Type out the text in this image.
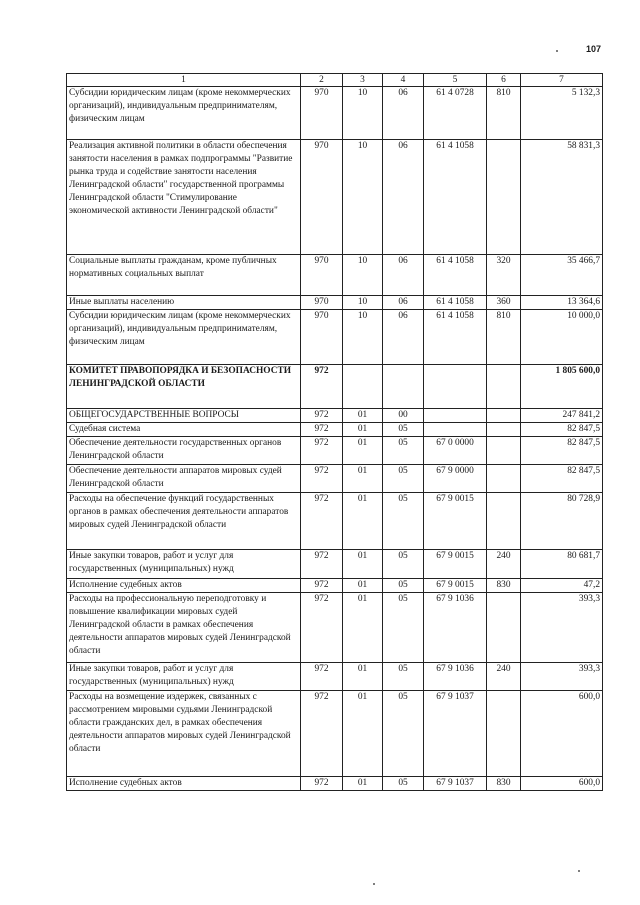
107
1	2	3	4	5	6	7
Субсидии юридическим лицам (кроме некоммерческих организаций), индивидуальным предпринимателям, физическим лицам	970	10	06	61 4 0728	810	5 132,3
Реализация активной политики в области обеспечения занятости населения в рамках подпрограммы "Развитие рынка труда и содействие занятости населения Ленинградской области" государственной программы Ленинградской области "Стимулирование экономической активности Ленинградской области"	970	10	06	61 4 1058		58 831,3
Социальные выплаты гражданам, кроме публичных нормативных социальных выплат	970	10	06	61 4 1058	320	35 466,7
Иные выплаты населению	970	10	06	61 4 1058	360	13 364,6
Субсидии юридическим лицам (кроме некоммерческих организаций), индивидуальным предпринимателям, физическим лицам	970	10	06	61 4 1058	810	10 000,0
КОМИТЕТ ПРАВОПОРЯДКА И БЕЗОПАСНОСТИ ЛЕНИНГРАДСКОЙ ОБЛАСТИ	972					1 805 600,0
ОБЩЕГОСУДАРСТВЕННЫЕ ВОПРОСЫ	972	01	00			247 841,2
Судебная система	972	01	05			82 847,5
Обеспечение деятельности государственных органов Ленинградской области	972	01	05	67 0 0000		82 847,5
Обеспечение деятельности аппаратов мировых судей Ленинградской области	972	01	05	67 9 0000		82 847,5
Расходы на обеспечение функций государственных органов в рамках обеспечения деятельности аппаратов мировых судей Ленинградской области	972	01	05	67 9 0015		80 728,9
Иные закупки товаров, работ и услуг для государственных (муниципальных) нужд	972	01	05	67 9 0015	240	80 681,7
Исполнение судебных актов	972	01	05	67 9 0015	830	47,2
Расходы на профессиональную переподготовку и повышение квалификации мировых судей Ленинградской области в рамках обеспечения деятельности аппаратов мировых судей Ленинградской области	972	01	05	67 9 1036		393,3
Иные закупки товаров, работ и услуг для государственных (муниципальных) нужд	972	01	05	67 9 1036	240	393,3
Расходы на возмещение издержек, связанных с рассмотрением мировыми судьями Ленинградской области гражданских дел, в рамках обеспечения деятельности аппаратов мировых судей Ленинградской области	972	01	05	67 9 1037		600,0
Исполнение судебных актов	972	01	05	67 9 1037	830	600,0
